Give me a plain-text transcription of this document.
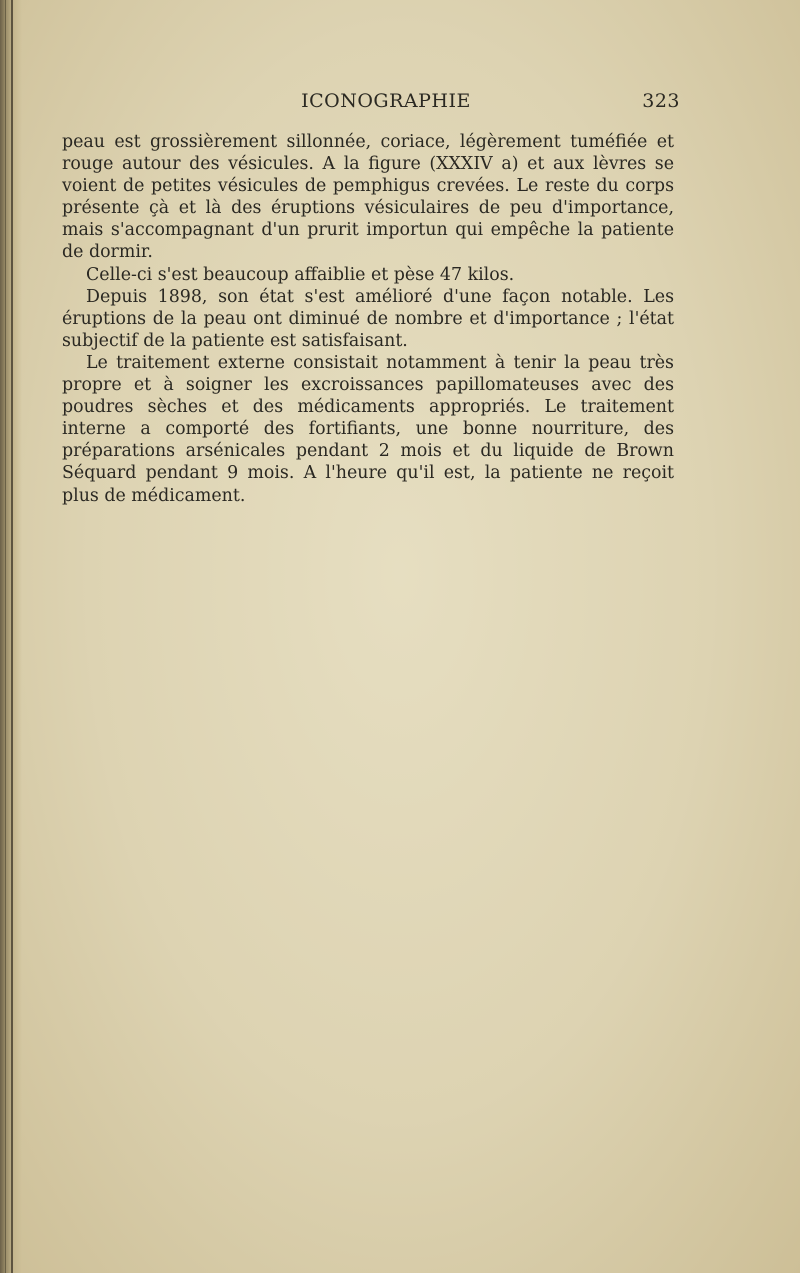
ICONOGRAPHIE	323

peau est grossièrement sillonnée, coriace, légèrement tuméfiée et rouge autour des vésicules. A la figure (XXXIV a) et aux lèvres se voient de petites vésicules de pemphigus crevées. Le reste du corps présente çà et là des éruptions vésiculaires de peu d'importance, mais s'accompagnant d'un prurit importun qui empêche la patiente de dormir.

Celle-ci s'est beaucoup affaiblie et pèse 47 kilos.

Depuis 1898, son état s'est amélioré d'une façon notable. Les éruptions de la peau ont diminué de nombre et d'importance ; l'état subjectif de la patiente est satisfaisant.

Le traitement externe consistait notamment à tenir la peau très propre et à soigner les excroissances papillomateuses avec des poudres sèches et des médicaments appropriés. Le traitement interne a comporté des fortifiants, une bonne nourriture, des préparations arsénicales pendant 2 mois et du liquide de Brown Séquard pendant 9 mois. A l'heure qu'il est, la patiente ne reçoit plus de médicament.
